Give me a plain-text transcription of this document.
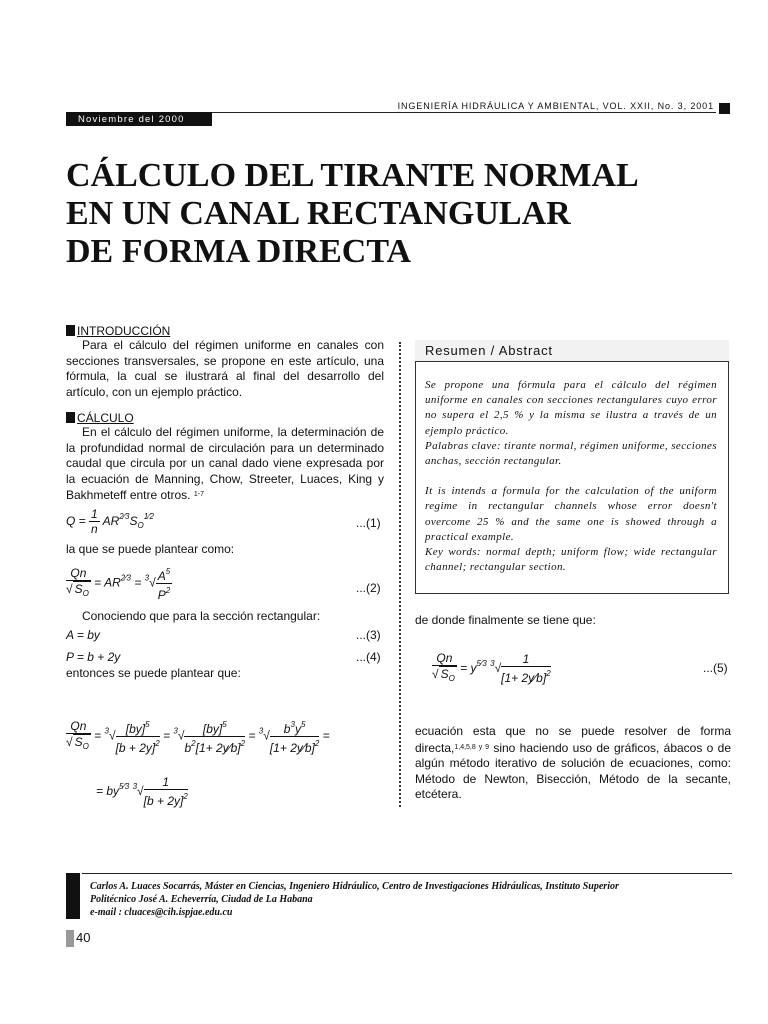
INGENIERÍA HIDRÁULICA Y AMBIENTAL, VOL. XXII, No. 3, 2001
Noviembre del 2000
CÁLCULO DEL TIRANTE NORMAL
EN UN CANAL RECTANGULAR
DE FORMA DIRECTA
INTRODUCCIÓN
Para el cálculo del régimen uniforme en canales con secciones transversales, se propone en este artículo, una fórmula, la cual se ilustrará al final del desarrollo del artículo, con un ejemplo práctico.
CÁLCULO
En el cálculo del régimen uniforme, la determinación de la profundidad normal de circulación para un determinado caudal que circula por un canal dado viene expresada por la ecuación de Manning, Chow, Streeter, Luaces, King y Bakhmeteff entre otros. $^{1-7}$
$Q = \frac{1}{n} AR^{2⁄3}S_O^{1⁄2}$	...(1)
la que se puede plantear como:
$\frac{Qn}{√ S_O} = AR^{2⁄3} = ^3√ \frac{A^5}{P^2}$	...(2)
Conociendo que para la sección rectangular:
A = by	...(3)
P = b + 2y	...(4)
entonces se puede plantear que:
$\frac{Qn}{√ S_O} = ^3√ \frac{[by]^5}{[b + 2y]^2} = ^3√ \frac{[by]^5}{b^2[1+ 2y⁄b]^2} = ^3√ \frac{b^3y^5}{[1+ 2y⁄b]^2}$ =
= $by^{5⁄3}$ $^3√ \frac{1}{[b + 2y]^2}$
Resumen / Abstract

Se propone una fórmula para el cálculo del régimen uniforme en canales con secciones rectangulares cuyo error no supera el 2,5 % y la misma se ilustra a través de un ejemplo práctico.

Palabras clave: tirante normal, régimen uniforme, secciones anchas, sección rectangular.

It is intends a formula for the calculation of the uniform regime in rectangular channels whose error doesn't overcome 25 % and the same one is showed through a practical example.

Key words: normal depth; uniform flow; wide rectangular channel; rectangular section.

de donde finalmente se tiene que:
$\frac{Qn}{√ S_O} = y^{5⁄3}$ $^3√ \frac{1}{[1+ 2y⁄b]^2}$	...(5)
ecuación esta que no se puede resolver de forma directa,$^{1,4,5,8 y 9}$ sino haciendo uso de gráficos, ábacos o de algún método iterativo de solución de ecuaciones, como: Método de Newton, Bisección, Método de la secante, etcétera.
Carlos A. Luaces Socarrás, Máster en Ciencias, Ingeniero Hidráulico, Centro de Investigaciones Hidráulicas, Instituto Superior
Politécnico José A. Echeverría, Ciudad de La Habana
e-mail : cluaces@cih.ispjae.edu.cu
40
